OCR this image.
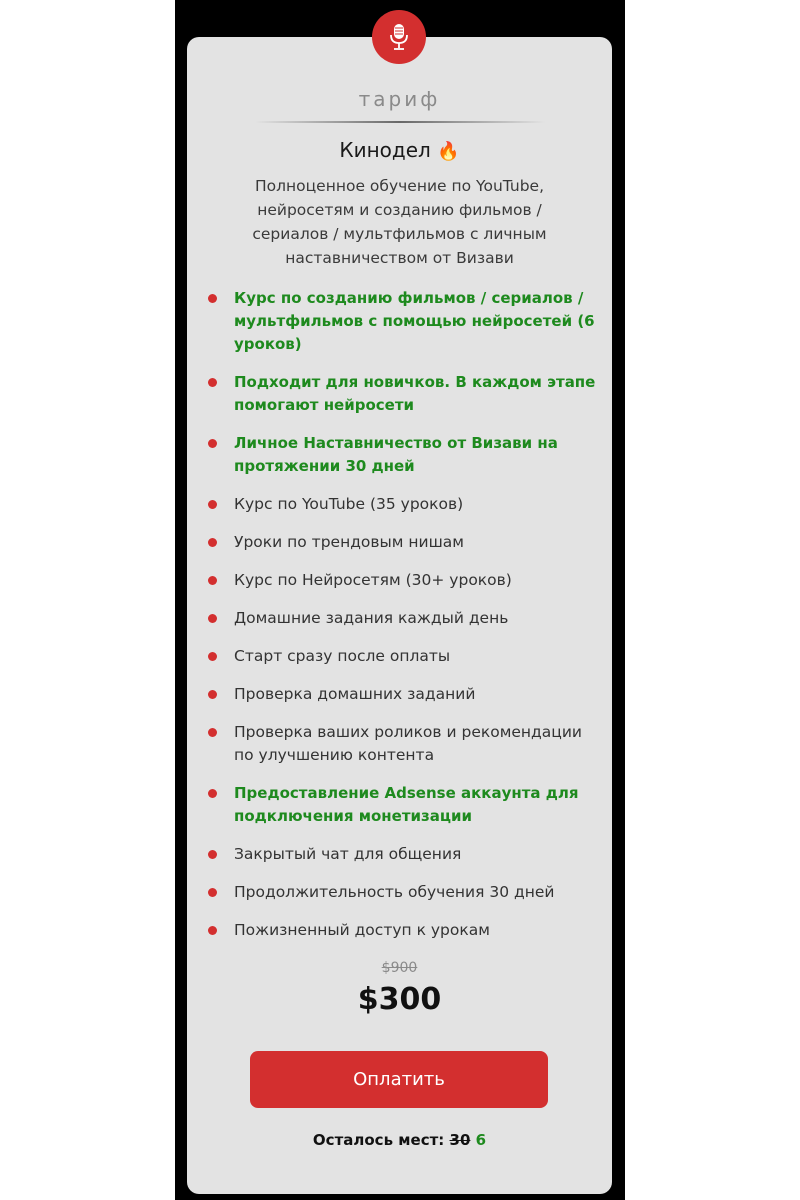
тариф
Кинодел 🔥
Полноценное обучение по YouTube, нейросетям и созданию фильмов / сериалов / мультфильмов с личным наставничеством от Визави
Курс по созданию фильмов / сериалов / мультфильмов с помощью нейросетей (6 уроков)
Подходит для новичков. В каждом этапе помогают нейросети
Личное Наставничество от Визави на протяжении 30 дней
Курс по YouTube (35 уроков)
Уроки по трендовым нишам
Курс по Нейросетям (30+ уроков)
Домашние задания каждый день
Старт сразу после оплаты
Проверка домашних заданий
Проверка ваших роликов и рекомендации по улучшению контента
Предоставление Adsense аккаунта для подключения монетизации
Закрытый чат для общения
Продолжительность обучения 30 дней
Пожизненный доступ к урокам
$900
$300
Оплатить
Осталось мест: 30 6
